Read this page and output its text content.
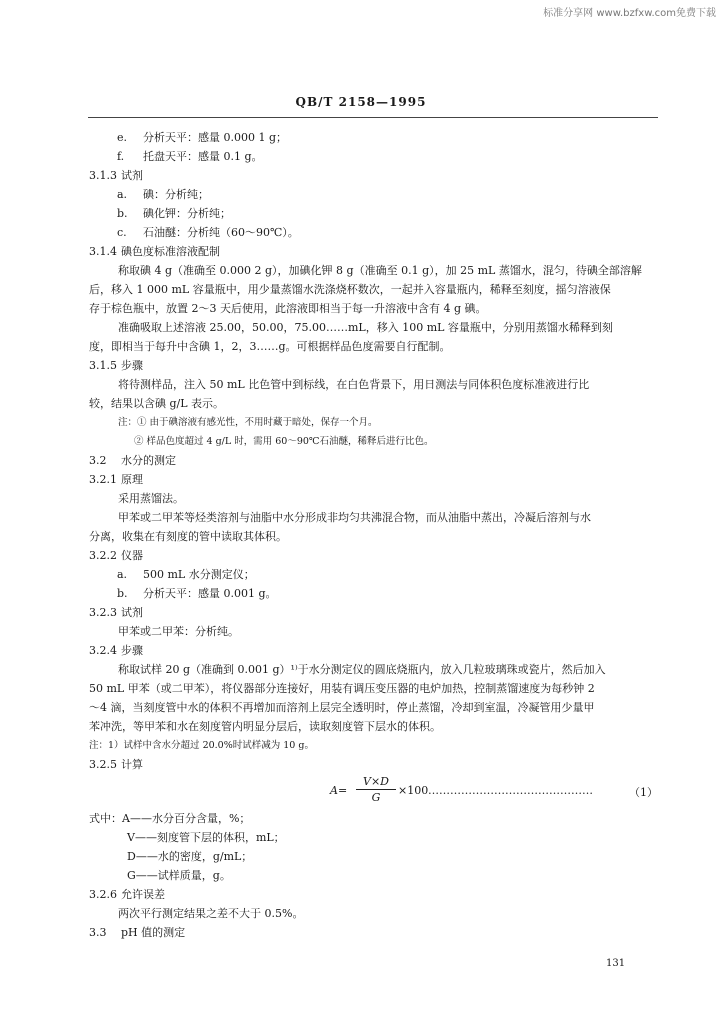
标准分享网 www.bzfxw.com免费下载
QB/T 2158—1995
e. 分析天平：感量 0.000 1 g；
f. 托盘天平：感量 0.1 g。
3.1.3 试剂
a. 碘：分析纯；
b. 碘化钾：分析纯；
c. 石油醚：分析纯（60～90℃）。
3.1.4 碘色度标准溶液配制
称取碘 4 g（准确至 0.000 2 g），加碘化钾 8 g（准确至 0.1 g），加 25 mL 蒸馏水，混匀，待碘全部溶解
后，移入 1 000 mL 容量瓶中，用少量蒸馏水洗涤烧杯数次，一起并入容量瓶内，稀释至刻度，摇匀溶液保
存于棕色瓶中，放置 2～3 天后使用，此溶液即相当于每一升溶液中含有 4 g 碘。
准确吸取上述溶液 25.00，50.00，75.00……mL，移入 100 mL 容量瓶中，分别用蒸馏水稀释到刻
度，即相当于每升中含碘 1，2，3……g。可根据样品色度需要自行配制。
3.1.5 步骤
将待测样品，注入 50 mL 比色管中到标线，在白色背景下，用日测法与同体积色度标准液进行比
较，结果以含碘 g/L 表示。
注：① 由于碘溶液有感光性，不用时藏于暗处，保存一个月。
② 样品色度超过 4 g/L 时，需用 60～90℃石油醚，稀释后进行比色。
3.2 水分的测定
3.2.1 原理
采用蒸馏法。
甲苯或二甲苯等烃类溶剂与油脂中水分形成非均匀共沸混合物，而从油脂中蒸出，冷凝后溶剂与水
分离，收集在有刻度的管中读取其体积。
3.2.2 仪器
a. 500 mL 水分测定仪；
b. 分析天平：感量 0.001 g。
3.2.3 试剂
甲苯或二甲苯：分析纯。
3.2.4 步骤
称取试样 20 g（准确到 0.001 g）¹⁾于水分测定仪的圆底烧瓶内，放入几粒玻璃珠或瓷片，然后加入
50 mL 甲苯（或二甲苯），将仪器部分连接好，用装有调压变压器的电炉加热，控制蒸馏速度为每秒钟 2
～4 滴，当刻度管中水的体积不再增加而溶剂上层完全透明时，停止蒸馏，冷却到室温，冷凝管用少量甲
苯冲洗，等甲苯和水在刻度管内明显分层后，读取刻度管下层水的体积。
注：1）试样中含水分超过 20.0%时试样减为 10 g。
3.2.5 计算
式中：A——水分百分含量，%；
V——刻度管下层的体积，mL；
D——水的密度，g/mL；
G——试样质量，g。
3.2.6 允许误差
两次平行测定结果之差不大于 0.5%。
3.3 pH 值的测定
$A= \frac{V\times D}{G} \times 100$ ………………………………………	（1）
131
